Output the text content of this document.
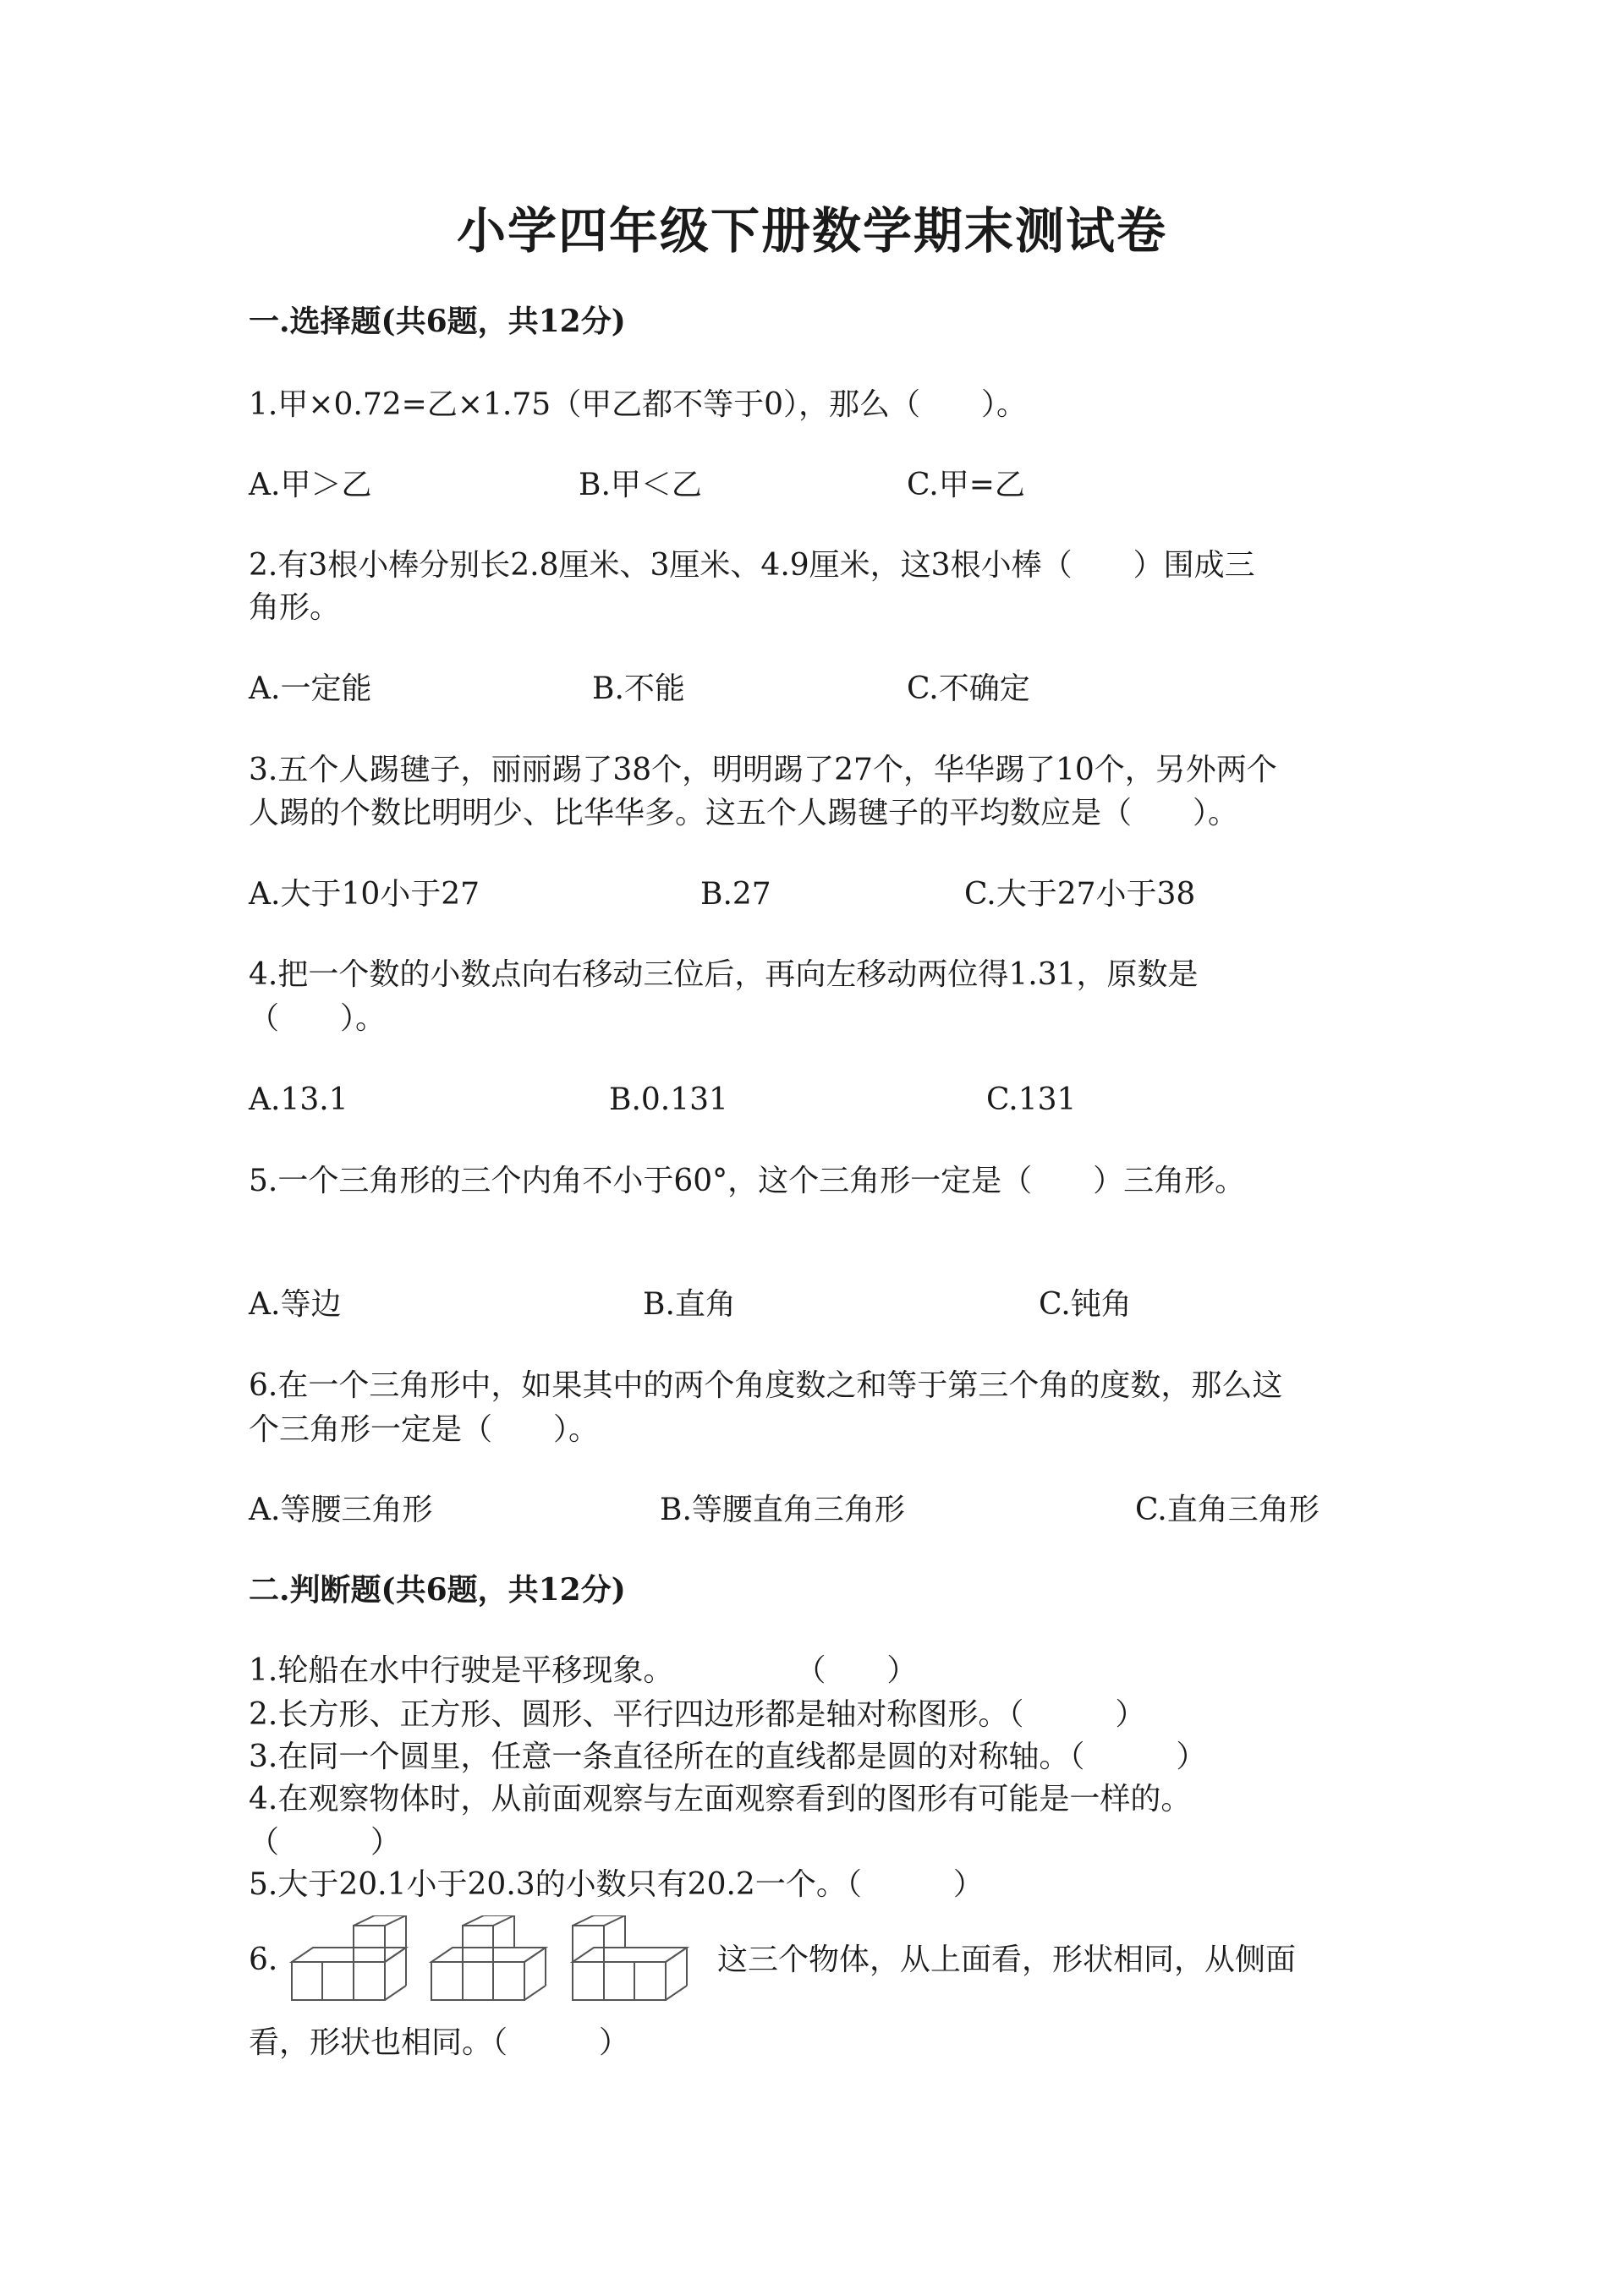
小学四年级下册数学期末测试卷
一.选择题(共6题，共12分)
1.甲×0.72=乙×1.75（甲乙都不等于0），那么（　　）。
A.甲＞乙	B.甲＜乙	C.甲=乙
2.有3根小棒分别长2.8厘米、3厘米、4.9厘米，这3根小棒（　　）围成三
角形。
A.一定能	B.不能	C.不确定
3.五个人踢毽子，丽丽踢了38个，明明踢了27个，华华踢了10个，另外两个
人踢的个数比明明少、比华华多。这五个人踢毽子的平均数应是（　　）。
A.大于10小于27	B.27	C.大于27小于38
4.把一个数的小数点向右移动三位后，再向左移动两位得1.31，原数是
（　　）。
A.13.1	B.0.131	C.131
5.一个三角形的三个内角不小于60°，这个三角形一定是（　　）三角形。
A.等边	B.直角	C.钝角
6.在一个三角形中，如果其中的两个角度数之和等于第三个角的度数，那么这
个三角形一定是（　　）。
A.等腰三角形	B.等腰直角三角形	C.直角三角形
二.判断题(共6题，共12分)
1.轮船在水中行驶是平移现象。　　　　　（　　）
2.长方形、正方形、圆形、平行四边形都是轴对称图形。（　　　）
3.在同一个圆里，任意一条直径所在的直线都是圆的对称轴。（　　　）
4.在观察物体时，从前面观察与左面观察看到的图形有可能是一样的。
（　　　）
5.大于20.1小于20.3的小数只有20.2一个。（　　　）
6.	这三个物体，从上面看，形状相同，从侧面
看，形状也相同。（　　　）
